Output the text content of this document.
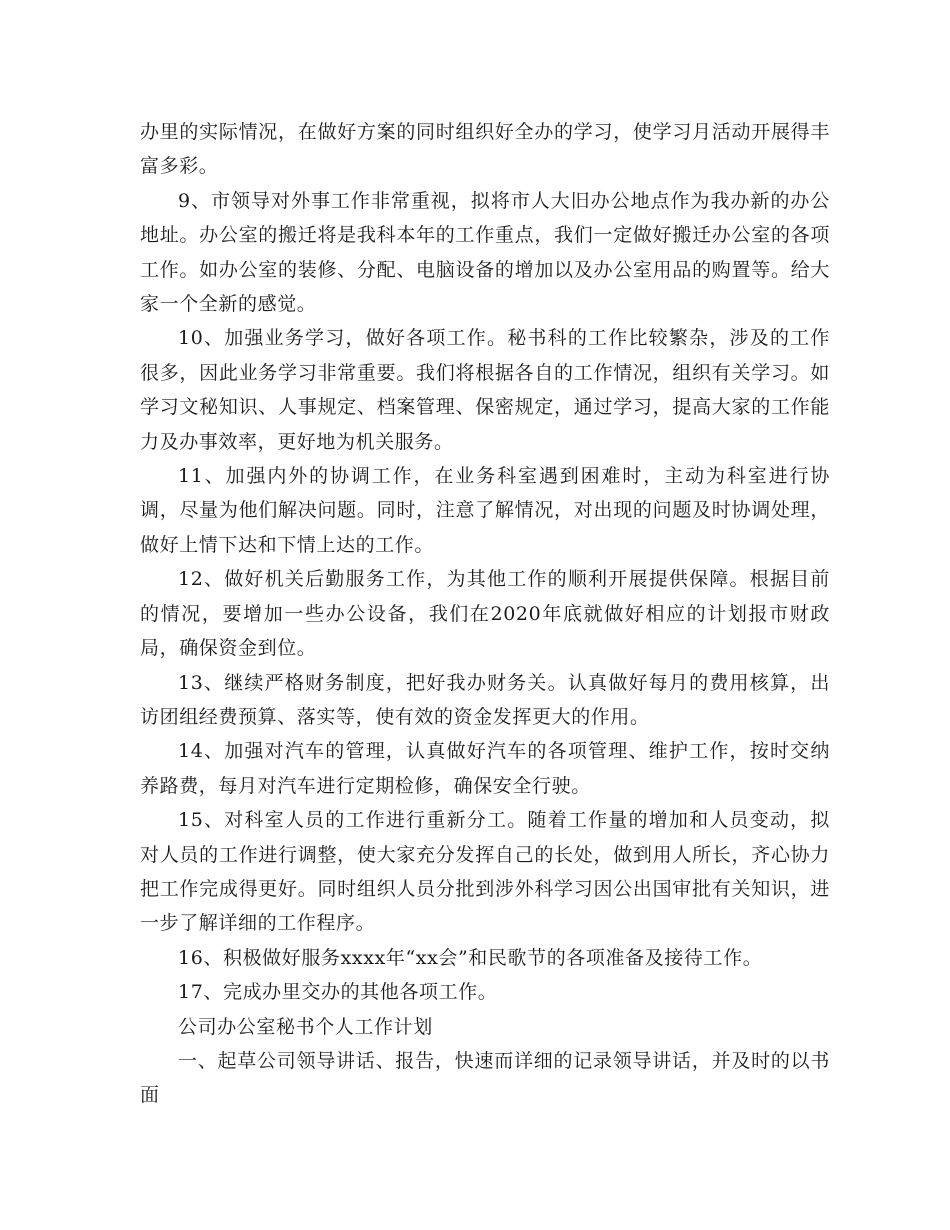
办里的实际情况，在做好方案的同时组织好全办的学习，使学习月活动开展得丰富多彩。

9、市领导对外事工作非常重视，拟将市人大旧办公地点作为我办新的办公地址。办公室的搬迁将是我科本年的工作重点，我们一定做好搬迁办公室的各项工作。如办公室的装修、分配、电脑设备的增加以及办公室用品的购置等。给大家一个全新的感觉。

10、加强业务学习，做好各项工作。秘书科的工作比较繁杂，涉及的工作很多，因此业务学习非常重要。我们将根据各自的工作情况，组织有关学习。如学习文秘知识、人事规定、档案管理、保密规定，通过学习，提高大家的工作能力及办事效率，更好地为机关服务。

11、加强内外的协调工作，在业务科室遇到困难时，主动为科室进行协调，尽量为他们解决问题。同时，注意了解情况，对出现的问题及时协调处理，做好上情下达和下情上达的工作。

12、做好机关后勤服务工作，为其他工作的顺利开展提供保障。根据目前的情况，要增加一些办公设备，我们在2020年底就做好相应的计划报市财政局，确保资金到位。

13、继续严格财务制度，把好我办财务关。认真做好每月的费用核算，出访团组经费预算、落实等，使有效的资金发挥更大的作用。

14、加强对汽车的管理，认真做好汽车的各项管理、维护工作，按时交纳养路费，每月对汽车进行定期检修，确保安全行驶。

15、对科室人员的工作进行重新分工。随着工作量的增加和人员变动，拟对人员的工作进行调整，使大家充分发挥自己的长处，做到用人所长，齐心协力把工作完成得更好。同时组织人员分批到涉外科学习因公出国审批有关知识，进一步了解详细的工作程序。

16、积极做好服务xxxx年“xx会”和民歌节的各项准备及接待工作。

17、完成办里交办的其他各项工作。

公司办公室秘书个人工作计划

一、起草公司领导讲话、报告，快速而详细的记录领导讲话，并及时的以书面
